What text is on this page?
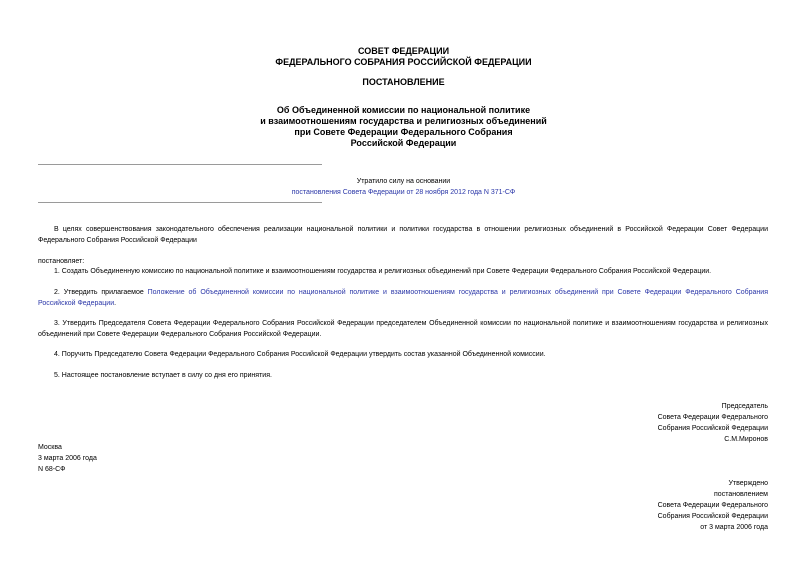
СОВЕТ ФЕДЕРАЦИИ
ФЕДЕРАЛЬНОГО СОБРАНИЯ РОССИЙСКОЙ ФЕДЕРАЦИИ
ПОСТАНОВЛЕНИЕ
Об Объединенной комиссии по национальной политике
и взаимоотношениям государства и религиозных объединений
при Совете Федерации Федерального Собрания
Российской Федерации
Утратило силу на основании
постановления Совета Федерации от 28 ноября 2012 года N 371-СФ
В целях совершенствования законодательного обеспечения реализации национальной политики и политики государства в отношении религиозных объединений в Российской Федерации Совет Федерации Федерального Собрания Российской Федерации
постановляет:
1. Создать Объединенную комиссию по национальной политике и взаимоотношениям государства и религиозных объединений при Совете Федерации Федерального Собрания Российской Федерации.
2. Утвердить прилагаемое Положение об Объединенной комиссии по национальной политике и взаимоотношениям государства и религиозных объединений при Совете Федерации Федерального Собрания Российской Федерации.
3. Утвердить Председателя Совета Федерации Федерального Собрания Российской Федерации председателем Объединенной комиссии по национальной политике и взаимоотношениям государства и религиозных объединений при Совете Федерации Федерального Собрания Российской Федерации.
4. Поручить Председателю Совета Федерации Федерального Собрания Российской Федерации утвердить состав указанной Объединенной комиссии.
5. Настоящее постановление вступает в силу со дня его принятия.
Председатель
Совета Федерации Федерального
Собрания Российской Федерации
С.М.Миронов
Москва
3 марта 2006 года
N 68-СФ
Утверждено
постановлением
Совета Федерации Федерального
Собрания Российской Федерации
от 3 марта 2006 года
